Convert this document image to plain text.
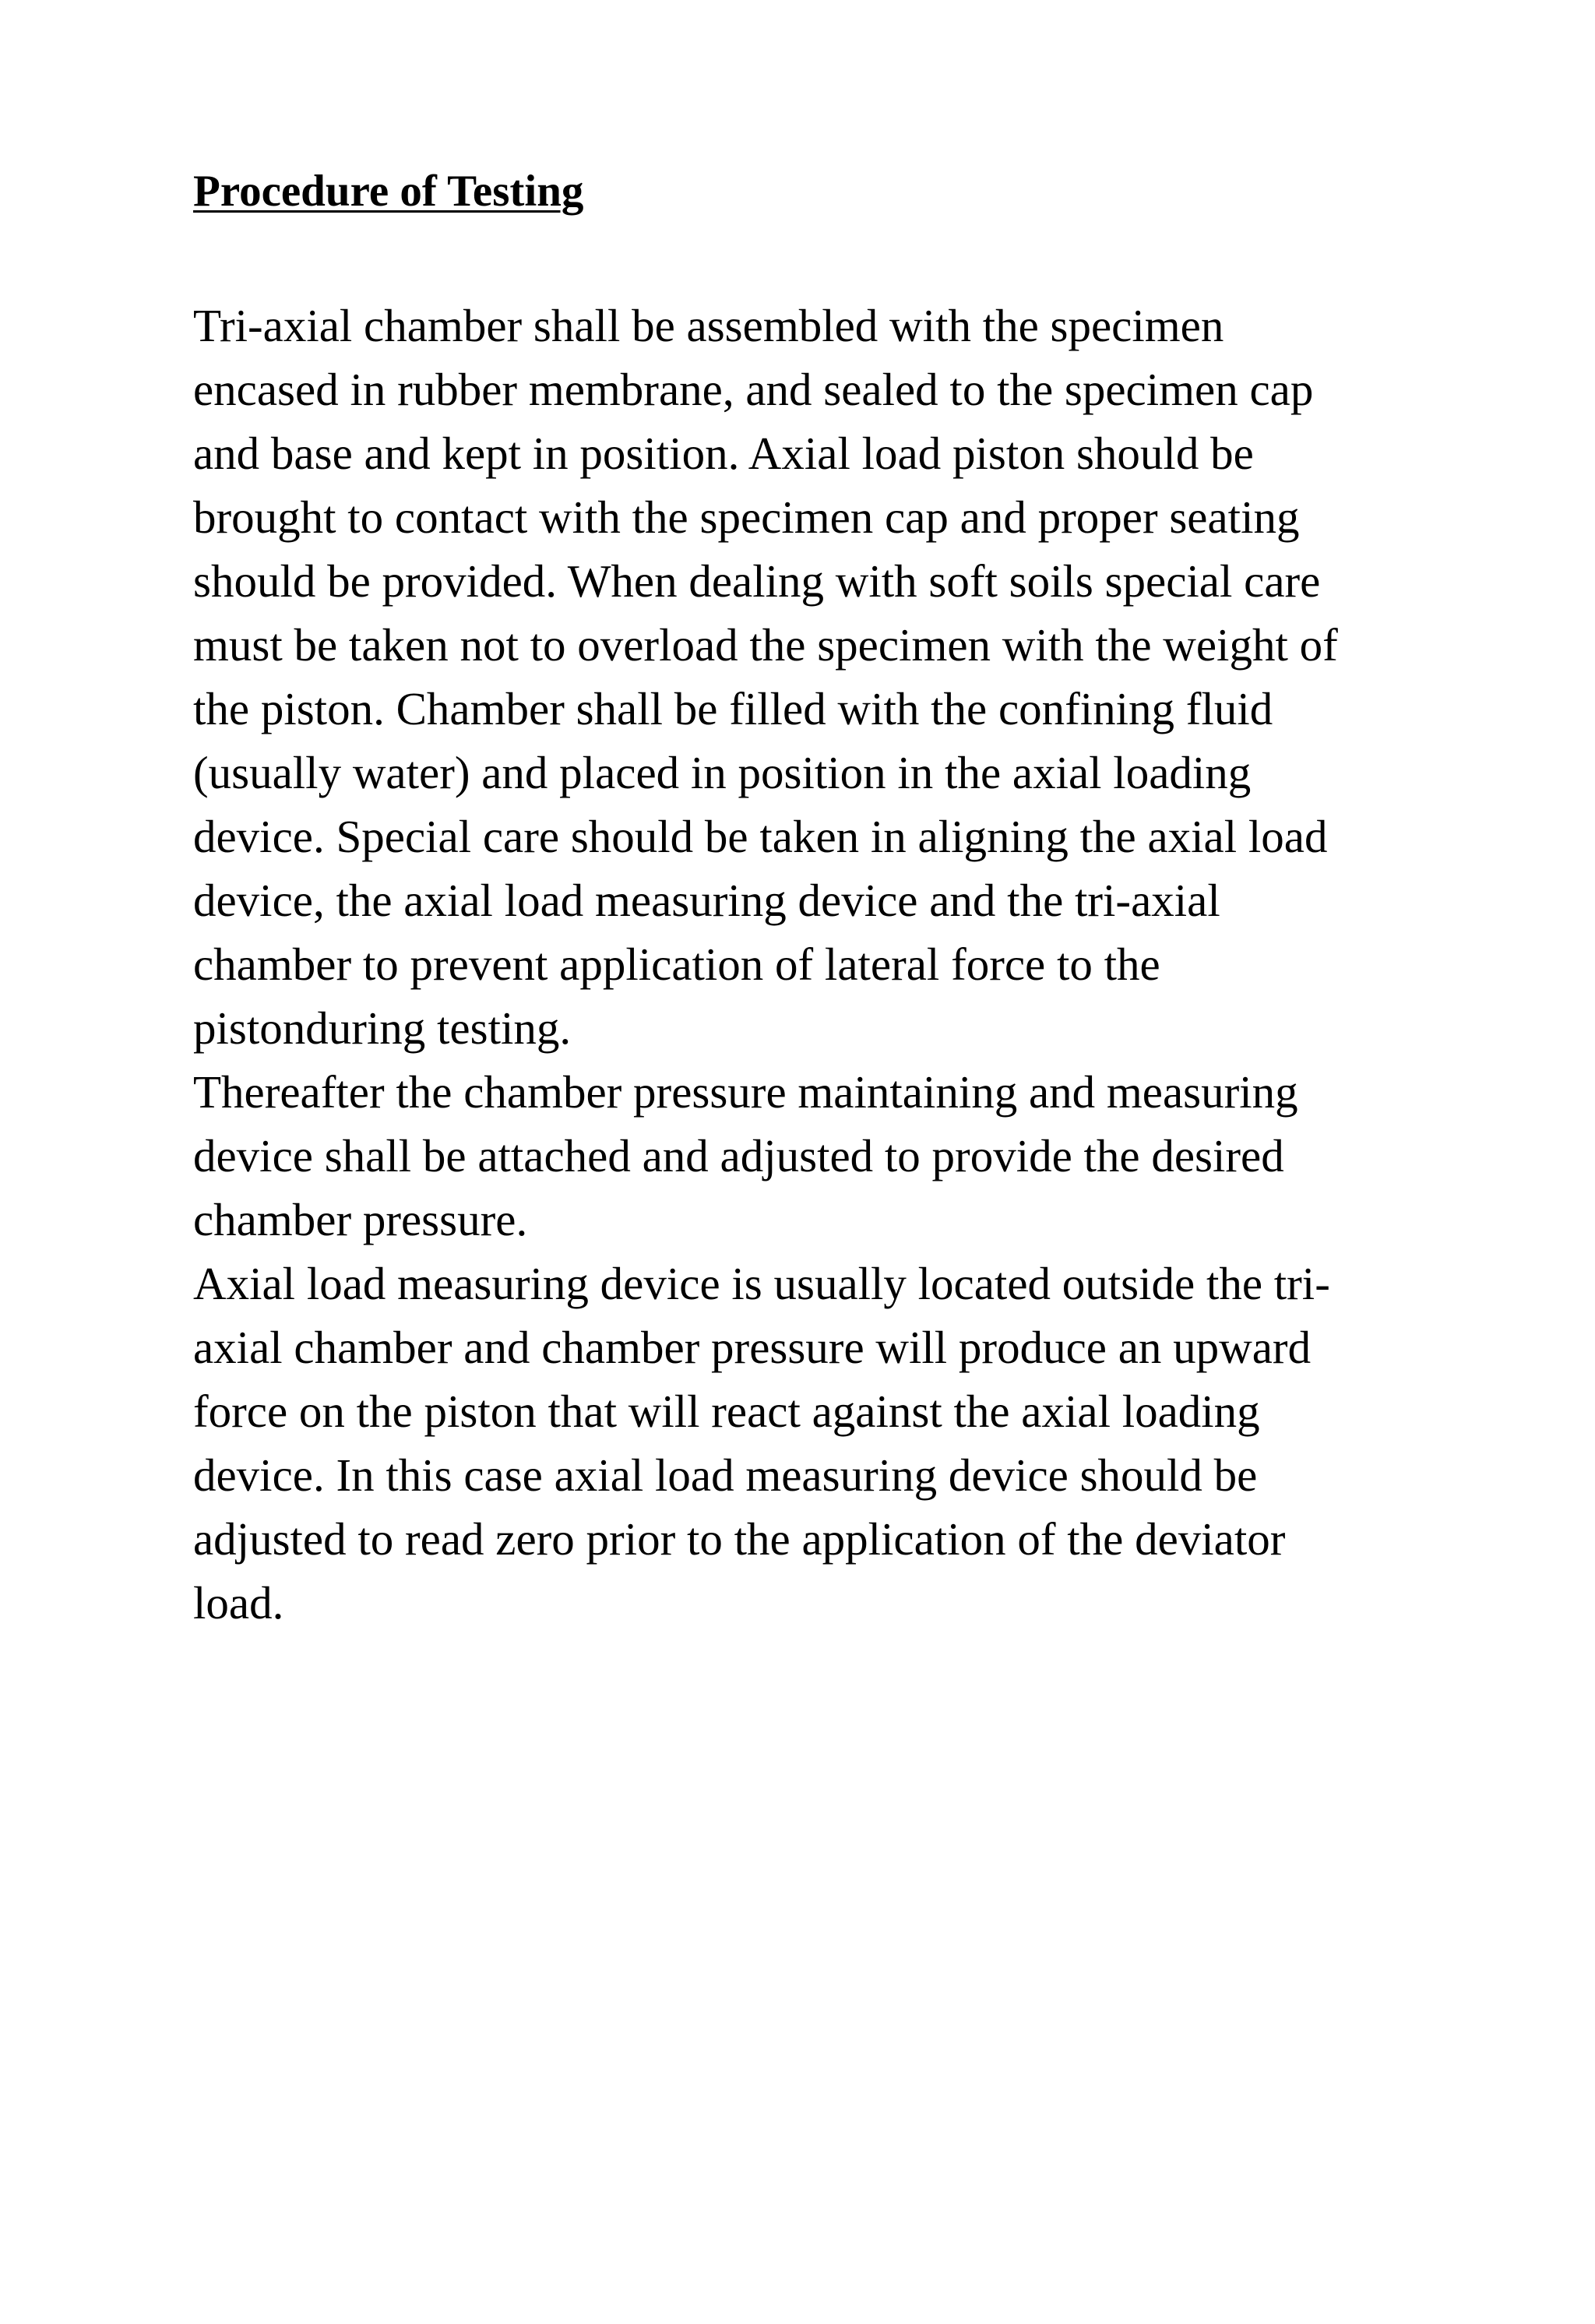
Procedure of Testing
Tri-axial chamber shall be assembled with the specimen
encased in rubber membrane, and sealed to the specimen cap
and base and kept in position. Axial load piston should be
brought to contact with the specimen cap and proper seating
should be provided. When dealing with soft soils special care
must be taken not to overload the specimen with the weight of
the piston. Chamber shall be filled with the confining fluid
(usually water) and placed in position in the axial loading
device. Special care should be taken in aligning the axial load
device, the axial load measuring device and the tri-axial
chamber to prevent application of lateral force to the
pistonduring testing.
Thereafter the chamber pressure maintaining and measuring
device shall be attached and adjusted to provide the desired
chamber pressure.
Axial load measuring device is usually located outside the tri-
axial chamber and chamber pressure will produce an upward
force on the piston that will react against the axial loading
device. In this case axial load measuring device should be
adjusted to read zero prior to the application of the deviator
load.
